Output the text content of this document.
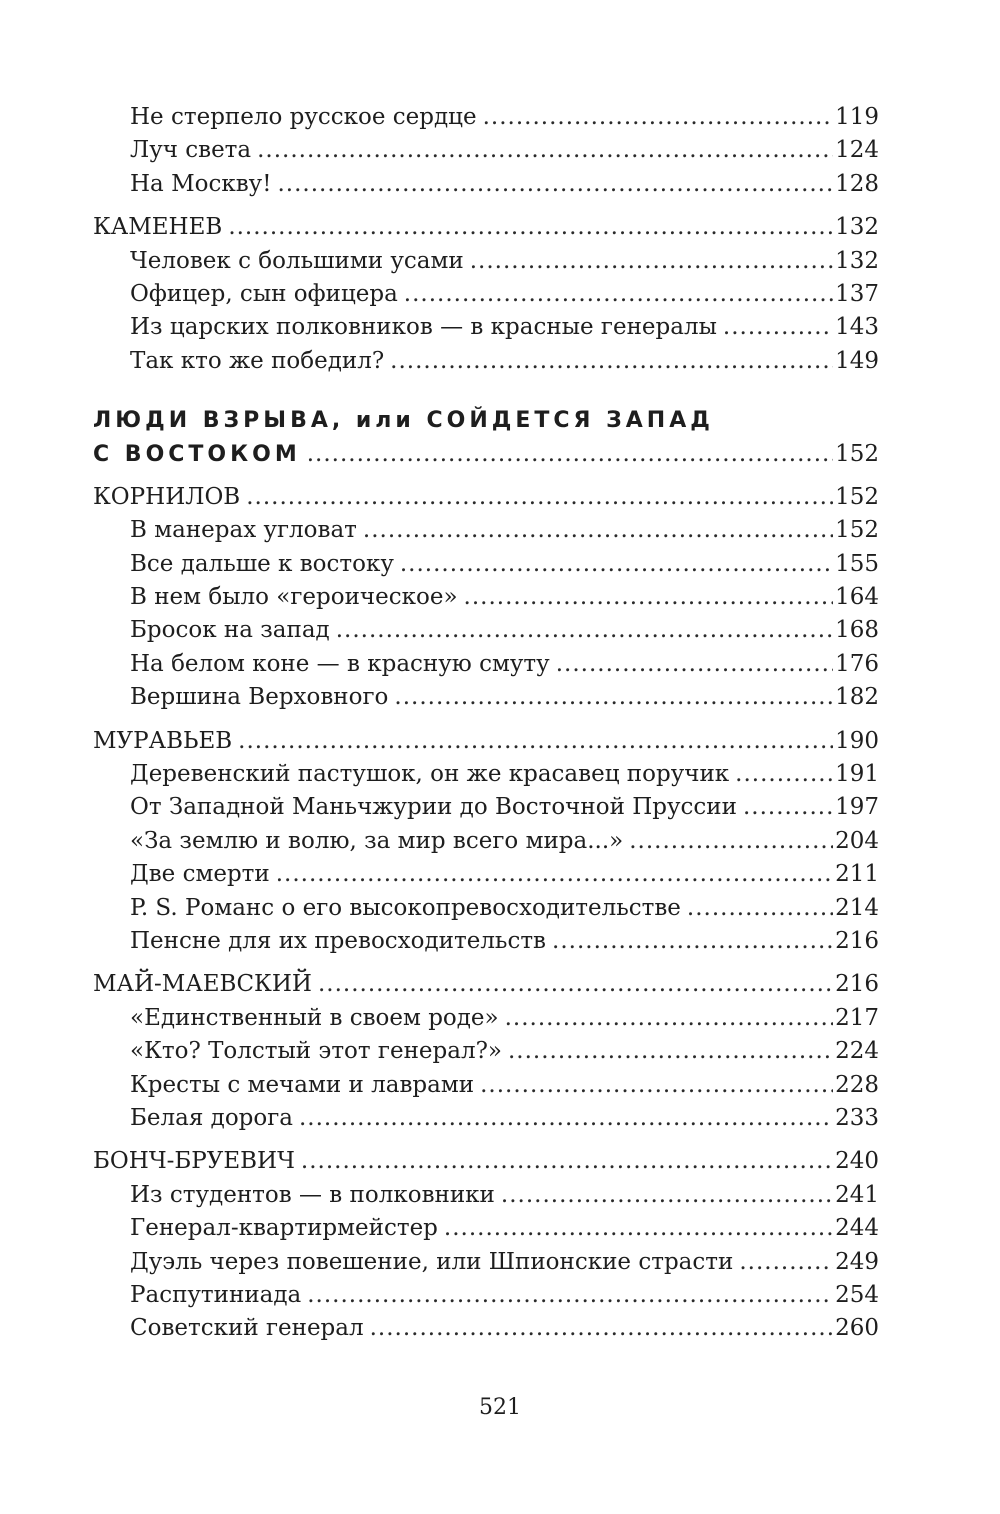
Не стерпело русское сердце .....	119
Луч света .....	124
На Москву! .....	128
КАМЕНЕВ .....	132
Человек с большими усами .....	132
Офицер, сын офицера .....	137
Из царских полковников — в красные генералы .....	143
Так кто же победил? .....	149
ЛЮДИ ВЗРЫВА, или СОЙДЕТСЯ ЗАПАД
С ВОСТОКОМ .....	152
КОРНИЛОВ .....	152
В манерах угловат .....	152
Все дальше к востоку .....	155
В нем было «героическое» .....	164
Бросок на запад .....	168
На белом коне — в красную смуту .....	176
Вершина Верховного .....	182
МУРАВЬЕВ .....	190
Деревенский пастушок, он же красавец поручик .....	191
От Западной Маньчжурии до Восточной Пруссии .....	197
«За землю и волю, за мир всего мира...» .....	204
Две смерти .....	211
P. S. Романс о его высокопревосходительстве .....	214
Пенсне для их превосходительств .....	216
МАЙ-МАЕВСКИЙ .....	216
«Единственный в своем роде» .....	217
«Кто? Толстый этот генерал?» .....	224
Кресты с мечами и лаврами .....	228
Белая дорога .....	233
БОНЧ-БРУЕВИЧ .....	240
Из студентов — в полковники .....	241
Генерал-квартирмейстер .....	244
Дуэль через повешение, или Шпионские страсти .....	249
Распутиниада .....	254
Советский генерал .....	260
521
